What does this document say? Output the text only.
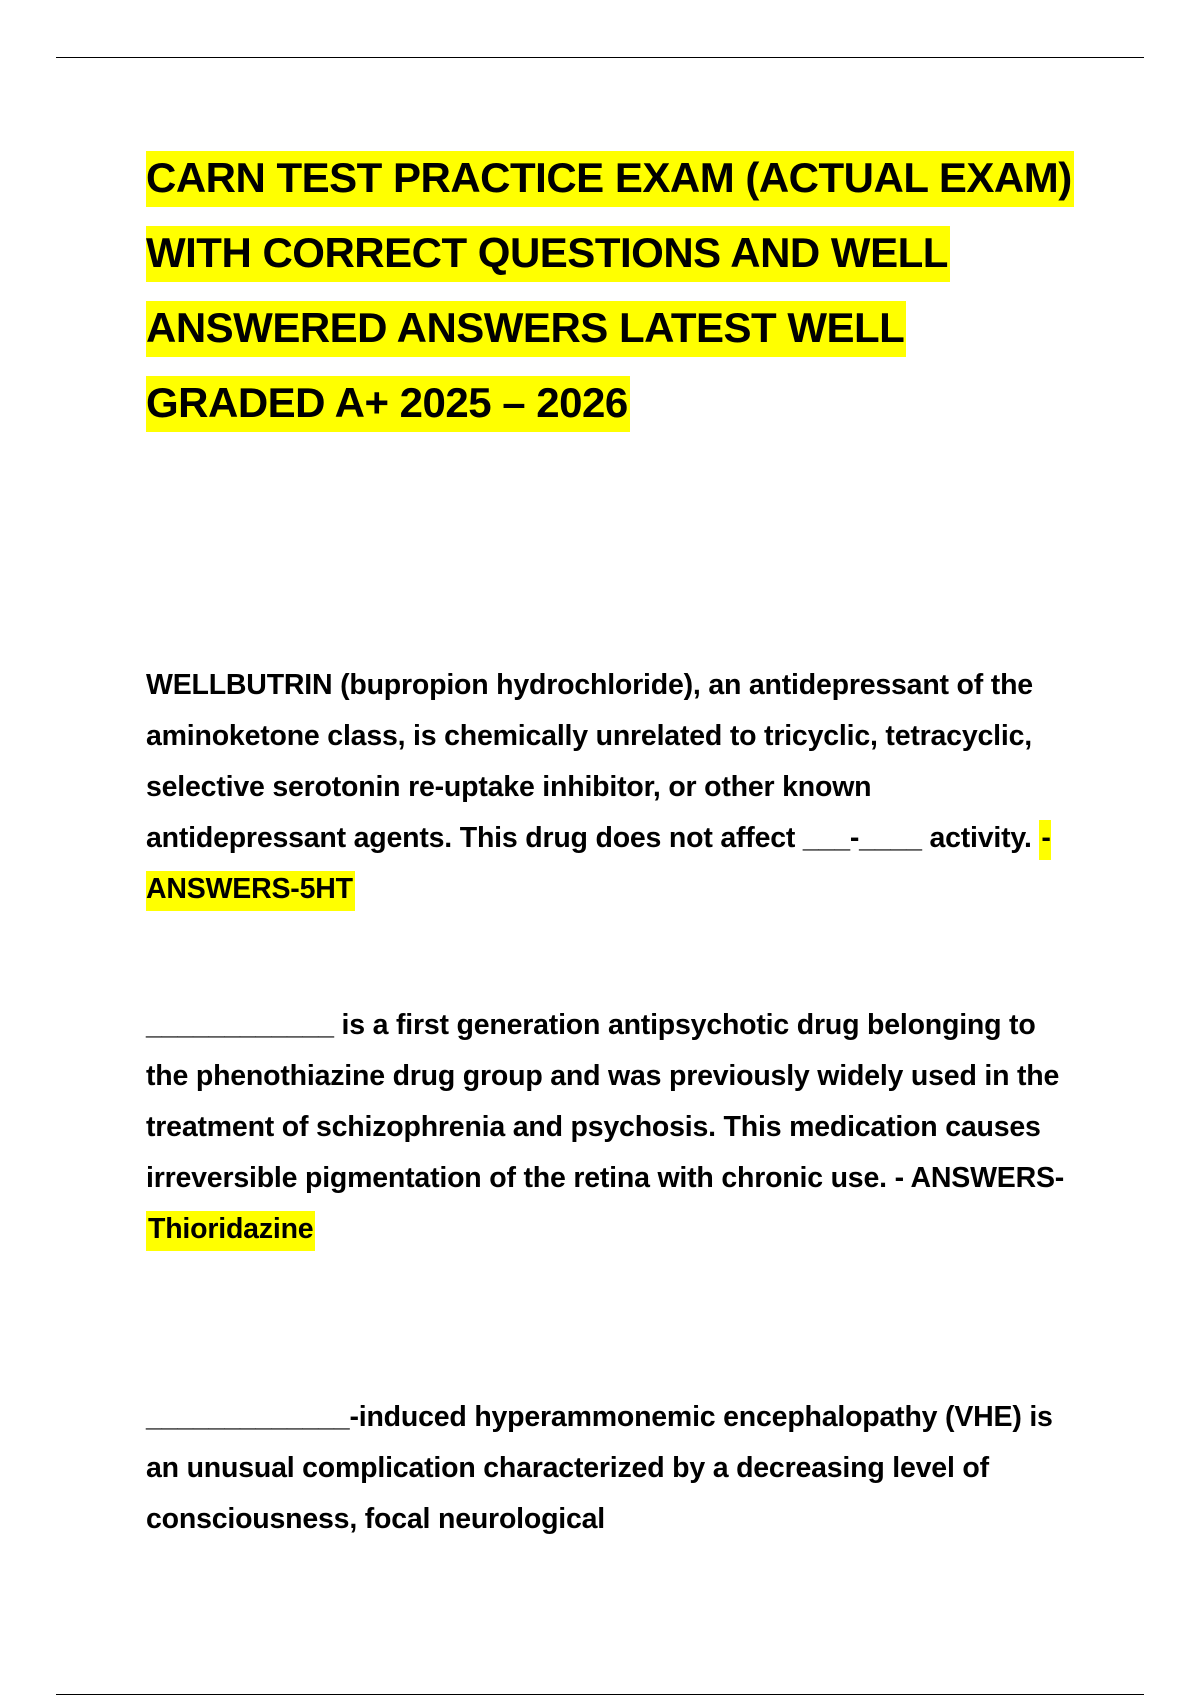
CARN TEST PRACTICE EXAM (ACTUAL EXAM) WITH CORRECT QUESTIONS AND WELL ANSWERED ANSWERS LATEST WELL GRADED A+ 2025 – 2026

WELLBUTRIN (bupropion hydrochloride), an antidepressant of the aminoketone class, is chemically unrelated to tricyclic, tetracyclic, selective serotonin re-uptake inhibitor, or other known antidepressant agents. This drug does not affect ___-____ activity. - ANSWERS-5HT

____________ is a first generation antipsychotic drug belonging to the phenothiazine drug group and was previously widely used in the treatment of schizophrenia and psychosis. This medication causes irreversible pigmentation of the retina with chronic use. - ANSWERS-Thioridazine

_____________-induced hyperammonemic encephalopathy (VHE) is an unusual complication characterized by a decreasing level of consciousness, focal neurological
